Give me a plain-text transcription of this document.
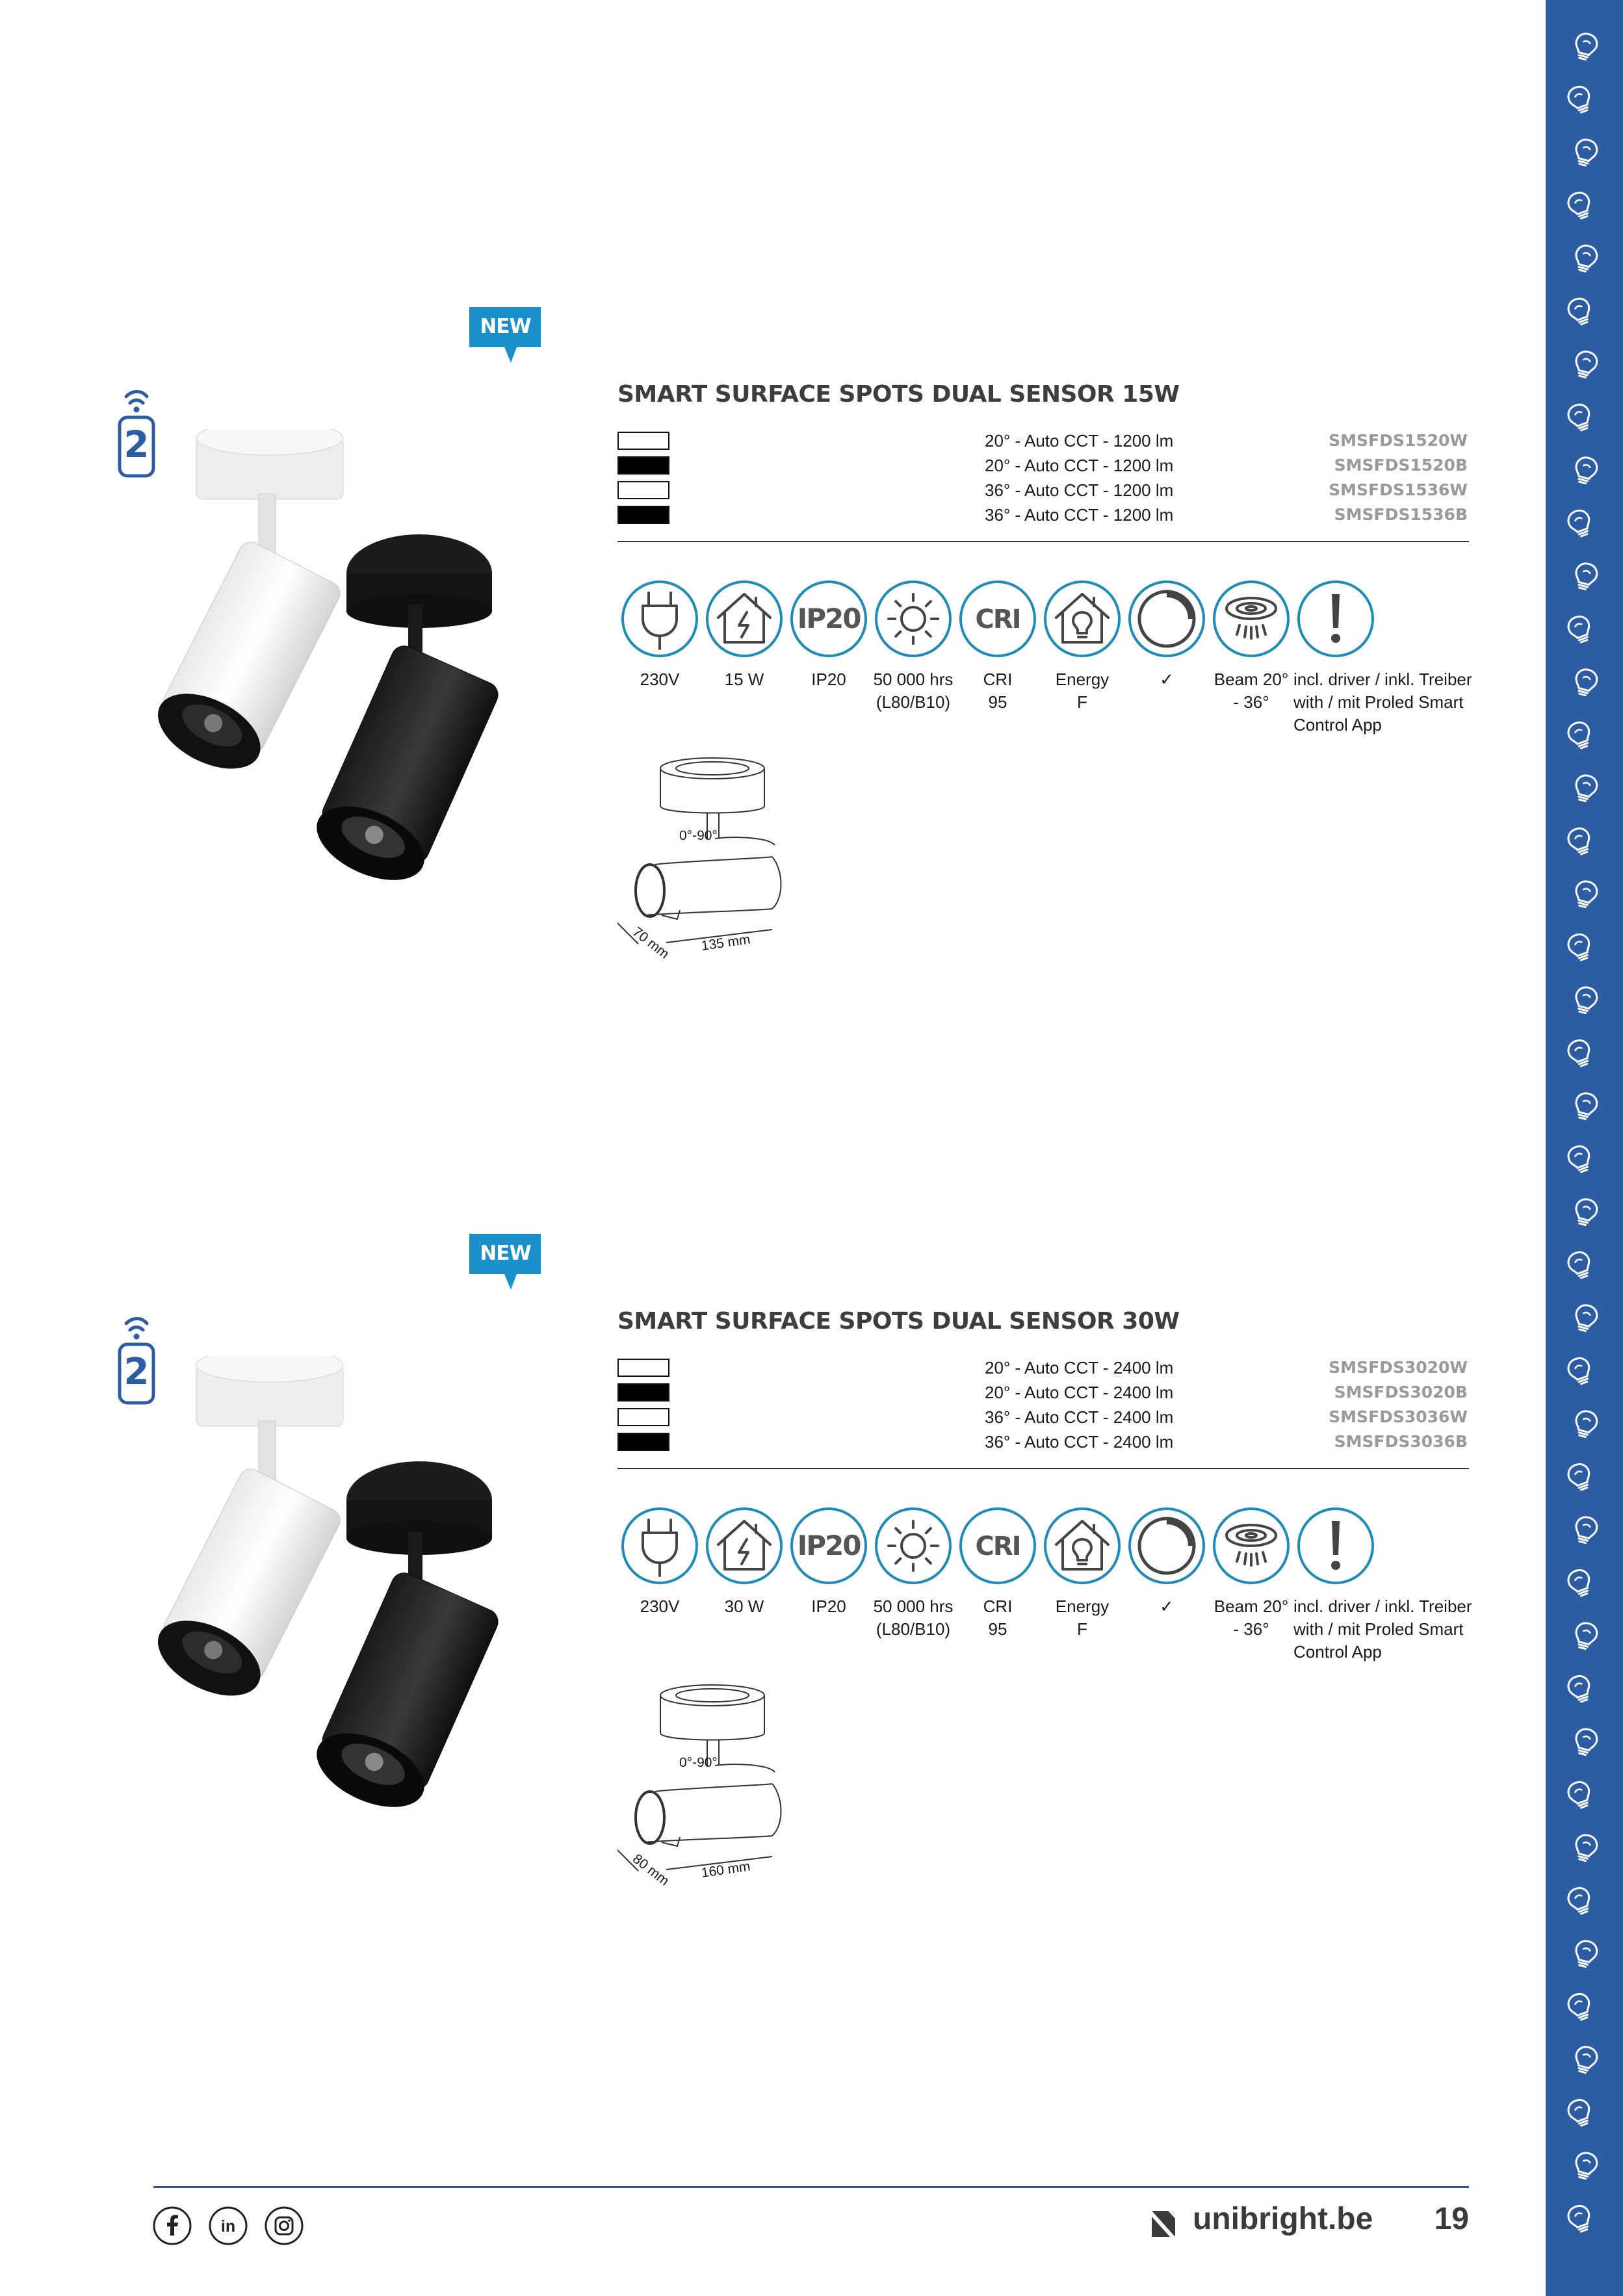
NEW
2
SMART SURFACE SPOTS DUAL SENSOR 15W
20° - Auto CCT - 1200 lm	SMSFDS1520W
20° - Auto CCT - 1200 lm	SMSFDS1520B
36° - Auto CCT - 1200 lm	SMSFDS1536W
36° - Auto CCT - 1200 lm	SMSFDS1536B
230V	15 W
IP20
IP20	50 000 hrs
(L80/B10)
CRI
CRI
95
Energy
F
✓	Beam 20°
- 36°
incl. driver / inkl. Treiber
with / mit Proled Smart
Control App
0°-90°
70 mm 135 mm
NEW
2
SMART SURFACE SPOTS DUAL SENSOR 30W
20° - Auto CCT - 2400 lm	SMSFDS3020W
20° - Auto CCT - 2400 lm	SMSFDS3020B
36° - Auto CCT - 2400 lm	SMSFDS3036W
36° - Auto CCT - 2400 lm	SMSFDS3036B
230V	30 W
IP20
IP20	50 000 hrs
(L80/B10)
CRI
CRI
95
Energy
F
✓	Beam 20°
- 36°
incl. driver / inkl. Treiber
with / mit Proled Smart
Control App
0°-90°
80 mm 160 mm
in	unibright.be 19
